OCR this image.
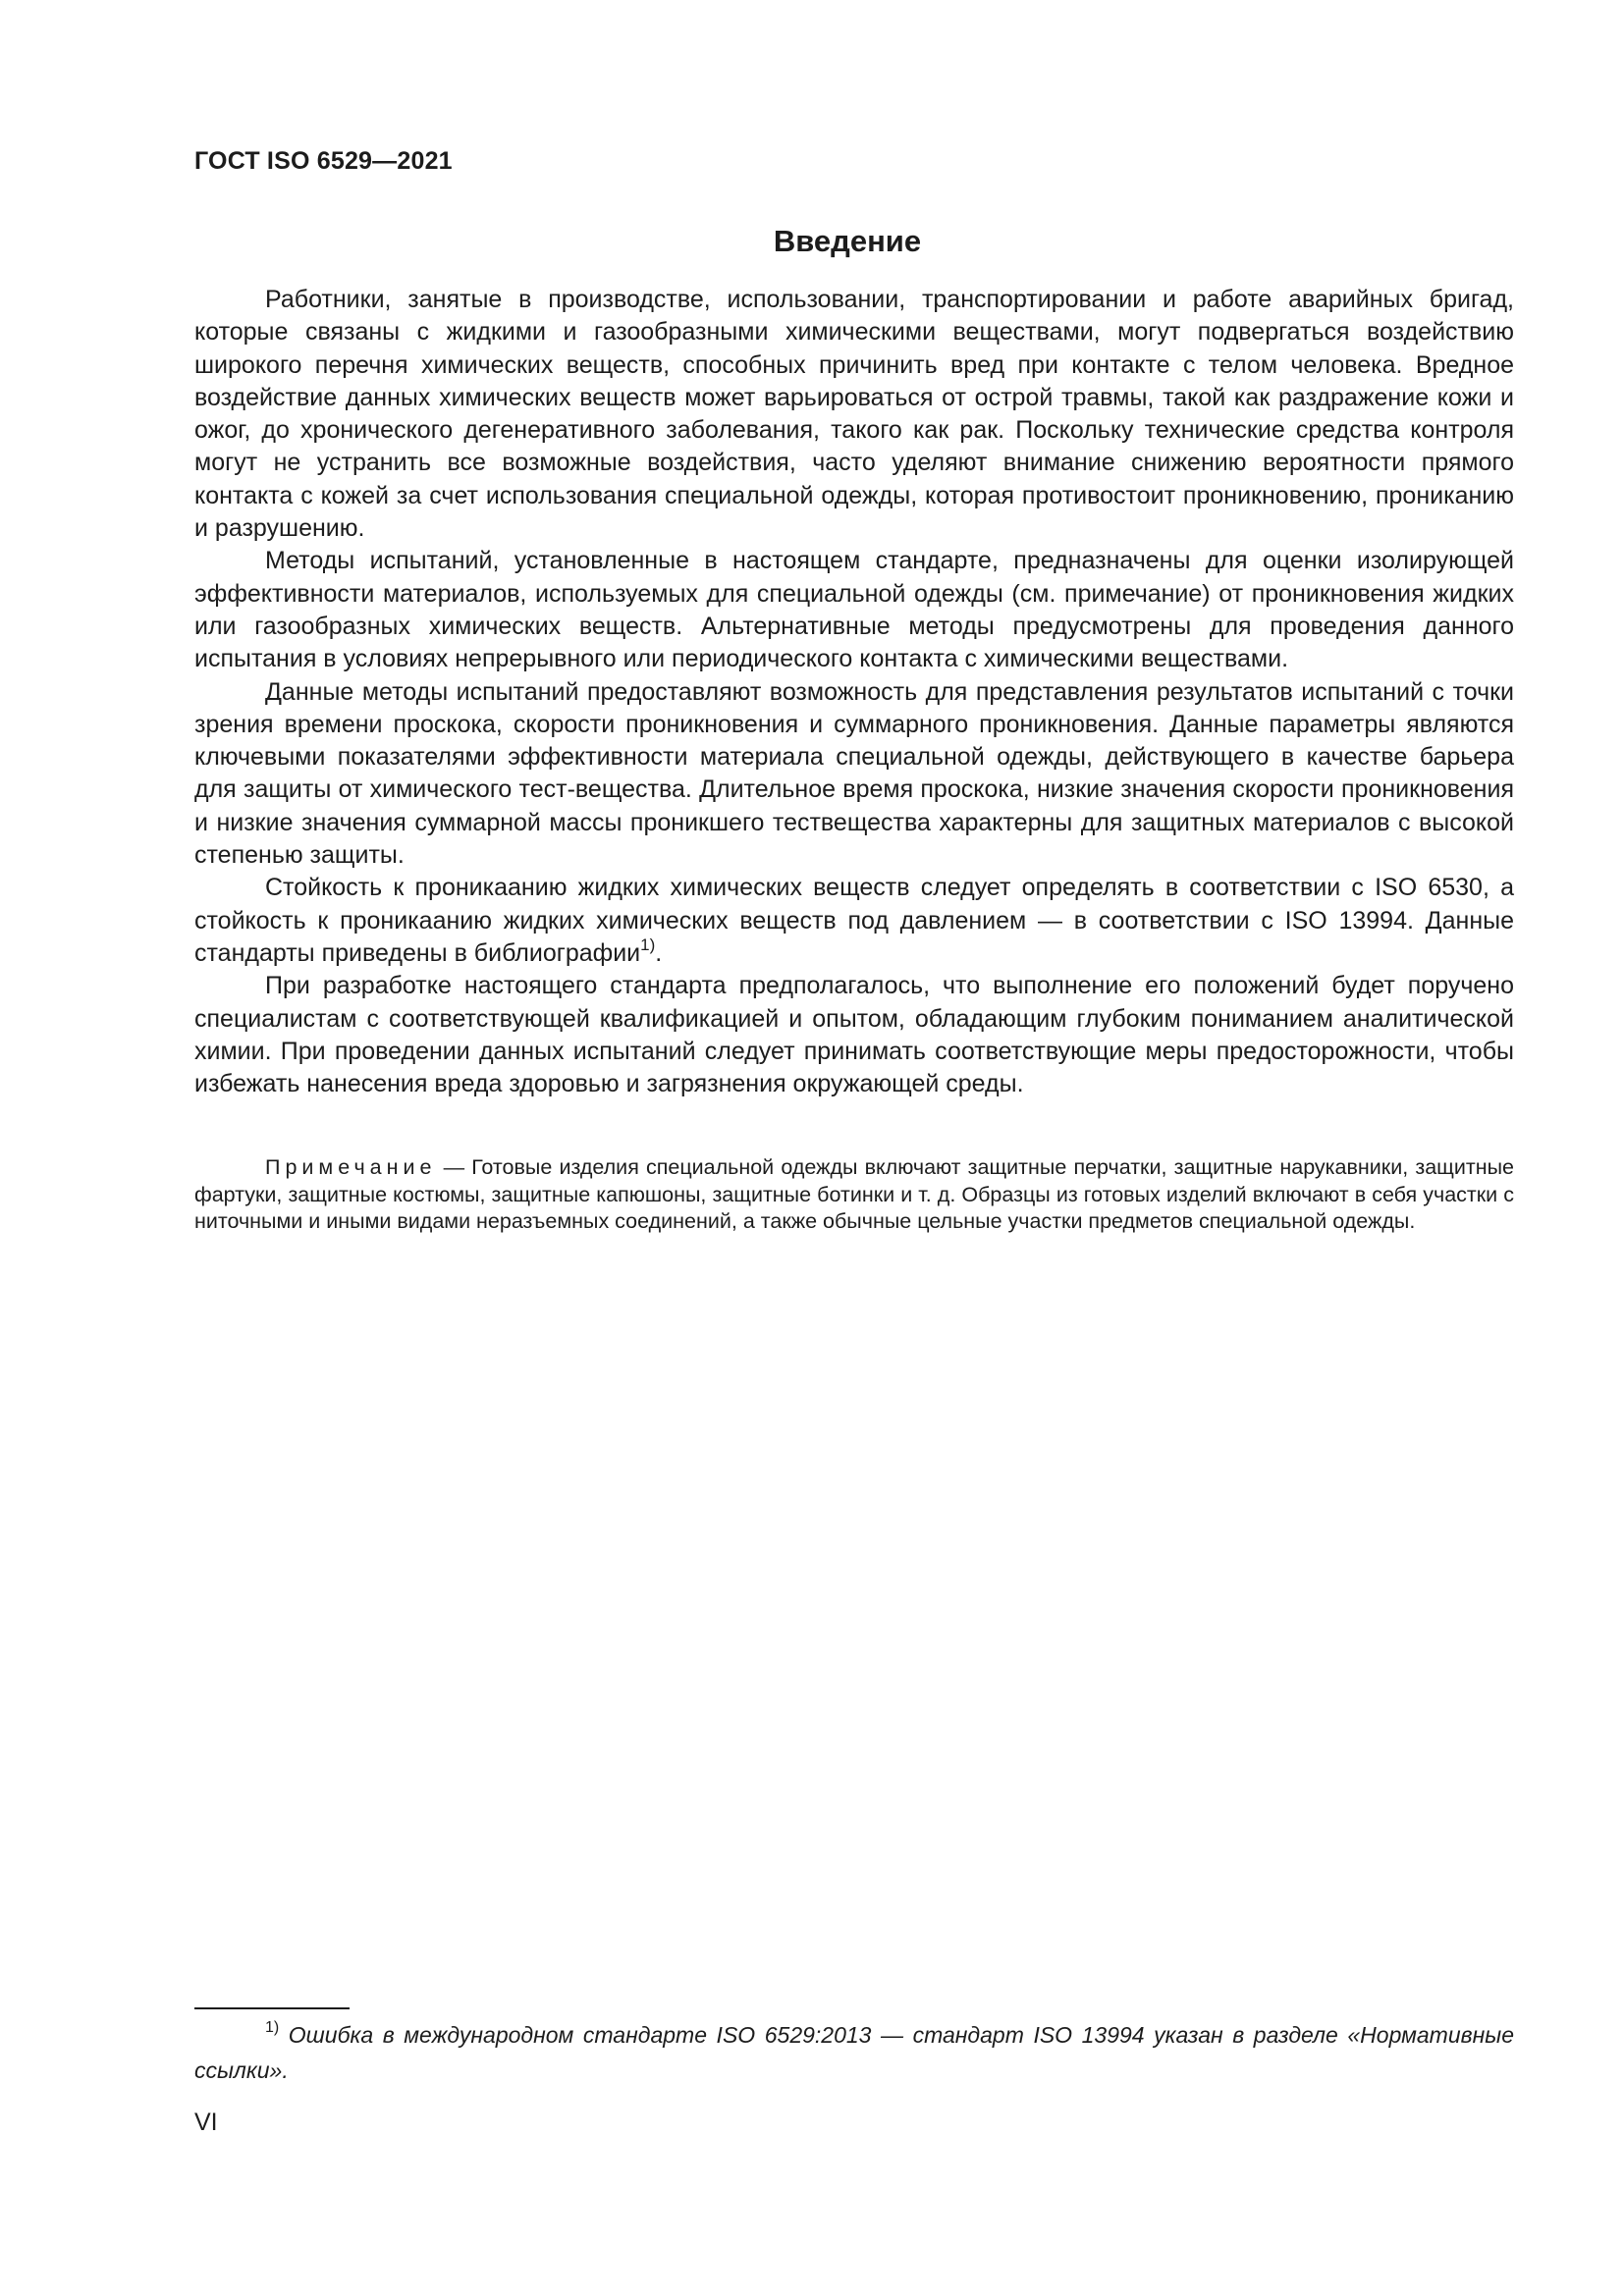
ГОСТ ISO 6529—2021
Введение

Работники, занятые в производстве, использовании, транспортировании и работе аварийных бригад, которые связаны с жидкими и газообразными химическими веществами, могут подвергаться воздействию широкого перечня химических веществ, способных причинить вред при контакте с телом человека. Вредное воздействие данных химических веществ может варьироваться от острой травмы, такой как раздражение кожи и ожог, до хронического дегенеративного заболевания, такого как рак. Поскольку технические средства контроля могут не устранить все возможные воздействия, часто уделяют внимание снижению вероятности прямого контакта с кожей за счет использования специальной одежды, которая противостоит проникновению, прониканию и разрушению.

Методы испытаний, установленные в настоящем стандарте, предназначены для оценки изолирующей эффективности материалов, используемых для специальной одежды (см. примечание) от проникновения жидких или газообразных химических веществ. Альтернативные методы предусмотрены для проведения данного испытания в условиях непрерывного или периодического контакта с химическими веществами.

Данные методы испытаний предоставляют возможность для представления результатов испытаний с точки зрения времени проскока, скорости проникновения и суммарного проникновения. Данные параметры являются ключевыми показателями эффективности материала специальной одежды, действующего в качестве барьера для защиты от химического тест-вещества. Длительное время проскока, низкие значения скорости проникновения и низкие значения суммарной массы проникшего тествещества характерны для защитных материалов с высокой степенью защиты.

Стойкость к проникаанию жидких химических веществ следует определять в соответствии с ISO 6530, а стойкость к проникаанию жидких химических веществ под давлением — в соответствии с ISO 13994. Данные стандарты приведены в библиографии$^{1)}$.

При разработке настоящего стандарта предполагалось, что выполнение его положений будет поручено специалистам с соответствующей квалификацией и опытом, обладающим глубоким пониманием аналитической химии. При проведении данных испытаний следует принимать соответствующие меры предосторожности, чтобы избежать нанесения вреда здоровью и загрязнения окружающей среды.

Примечание — Готовые изделия специальной одежды включают защитные перчатки, защитные нарукавники, защитные фартуки, защитные костюмы, защитные капюшоны, защитные ботинки и т. д. Образцы из готовых изделий включают в себя участки с ниточными и иными видами неразъемных соединений, а также обычные цельные участки предметов специальной одежды.
$^{1)}$ Ошибка в международном стандарте ISO 6529:2013 — стандарт ISO 13994 указан в разделе «Нормативные ссылки».
VI
